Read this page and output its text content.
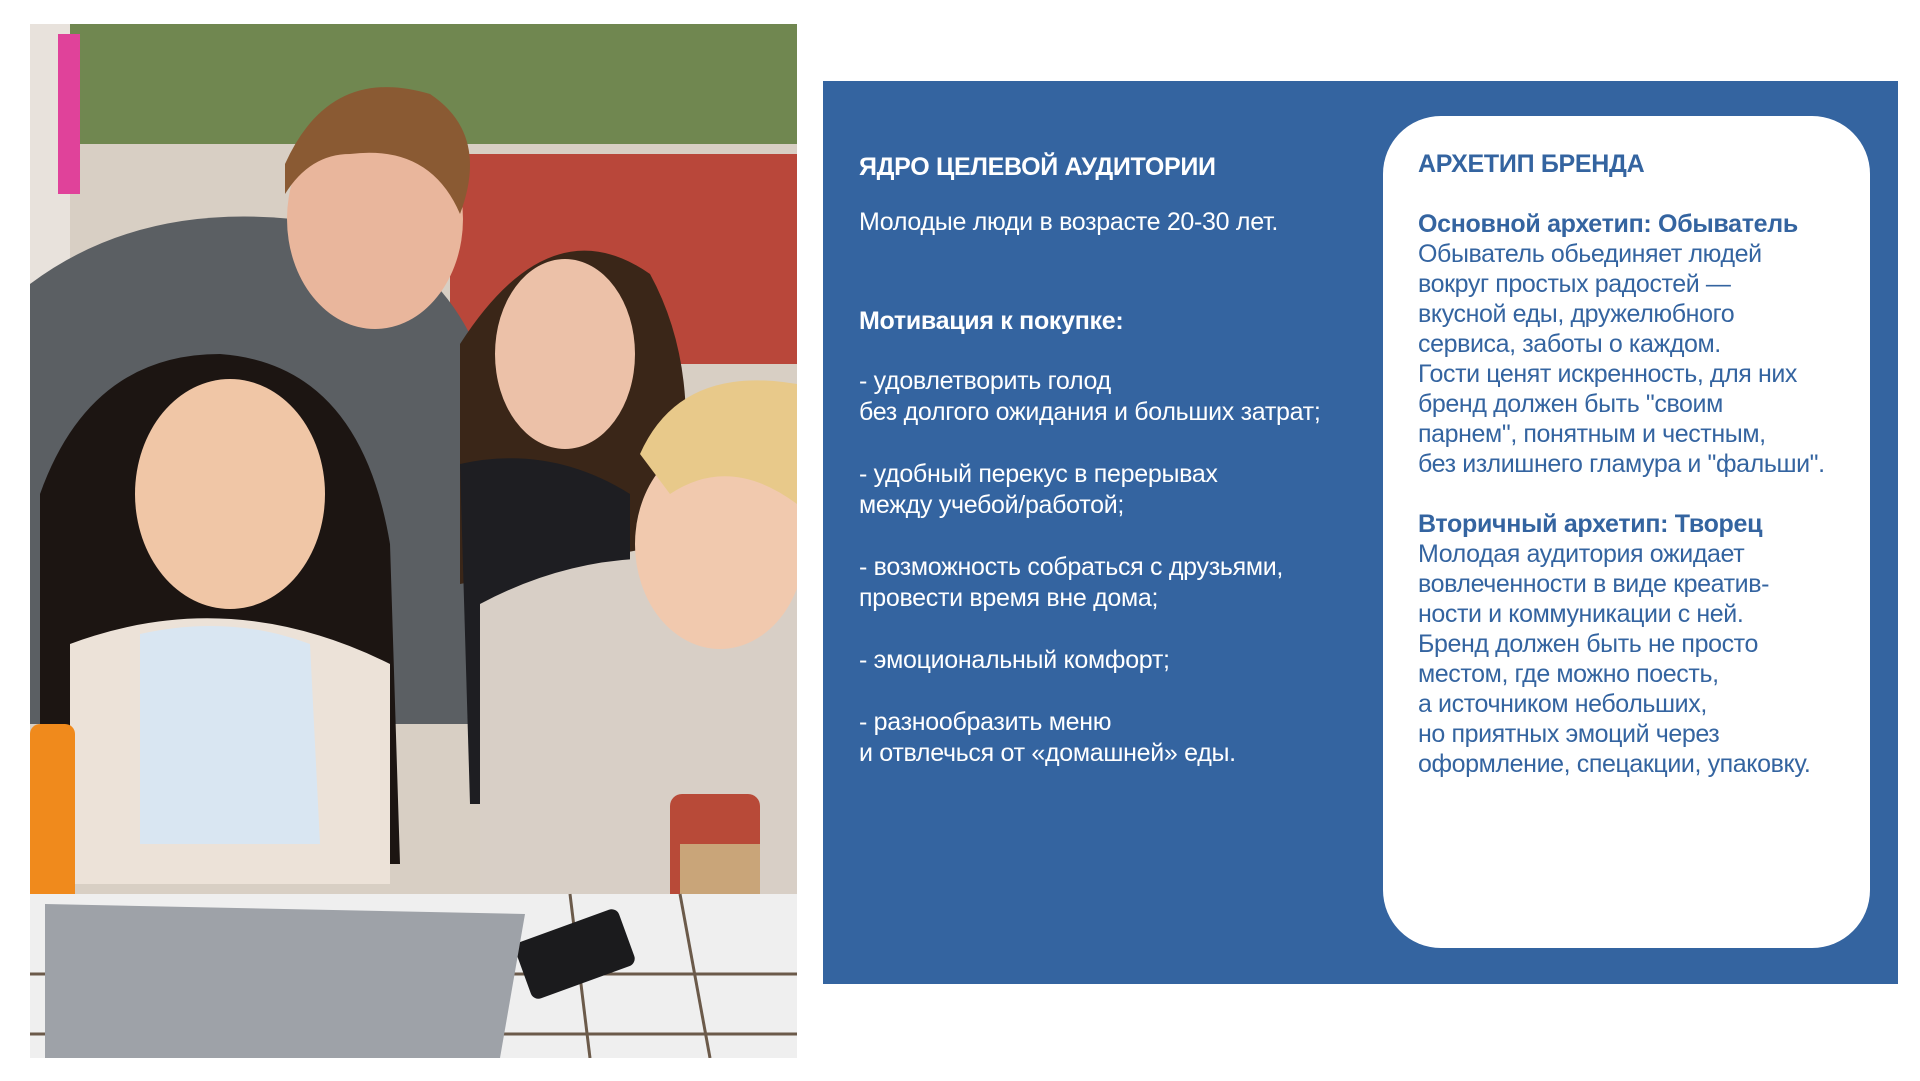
ЯДРО ЦЕЛЕВОЙ АУДИТОРИИ
Молодые люди в возрасте 20-30 лет.
Мотивация к покупке:
- удовлетворить голод
без долгого ожидания и больших затрат;
- удобный перекус в перерывах
между учебой/работой;
- возможность собраться с друзьями,
провести время вне дома;
- эмоциональный комфорт;
- разнообразить меню
и отвлечься от «домашней» еды.
АРХЕТИП БРЕНДА
Основной архетип: Обыватель
Обыватель обьединяет людей
вокруг простых радостей —
вкусной еды, дружелюбного
сервиса, заботы о каждом.
Гости ценят искренность, для них
бренд должен быть "своим
парнем", понятным и честным,
без излишнего гламура и "фальши".
Вторичный архетип: Творец
Молодая аудитория ожидает
вовлеченности в виде креатив-
ности и коммуникации с ней.
Бренд должен быть не просто
местом, где можно поесть,
а источником небольших,
но приятных эмоций через
оформление, спецакции, упаковку.
